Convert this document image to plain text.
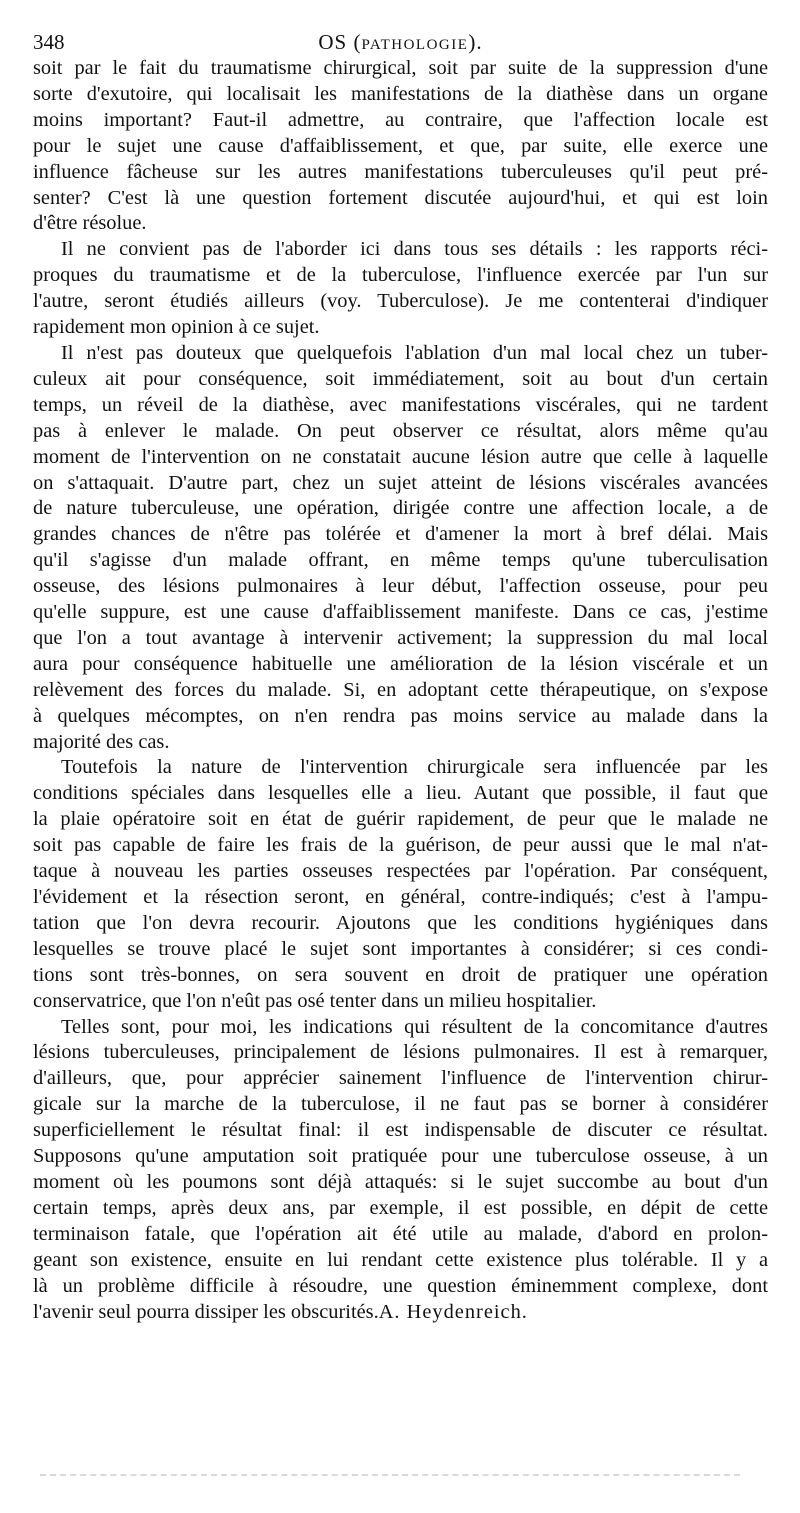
348	OS (PATHOLOGIE).
soit par le fait du traumatisme chirurgical, soit par suite de la suppression d'une
sorte d'exutoire, qui localisait les manifestations de la diathèse dans un organe
moins important? Faut-il admettre, au contraire, que l'affection locale est
pour le sujet une cause d'affaiblissement, et que, par suite, elle exerce une
influence fâcheuse sur les autres manifestations tuberculeuses qu'il peut pré-
senter? C'est là une question fortement discutée aujourd'hui, et qui est loin
d'être résolue.
Il ne convient pas de l'aborder ici dans tous ses détails : les rapports réci-
proques du traumatisme et de la tuberculose, l'influence exercée par l'un sur
l'autre, seront étudiés ailleurs (voy. Tuberculose). Je me contenterai d'indiquer
rapidement mon opinion à ce sujet.
Il n'est pas douteux que quelquefois l'ablation d'un mal local chez un tuber-
culeux ait pour conséquence, soit immédiatement, soit au bout d'un certain
temps, un réveil de la diathèse, avec manifestations viscérales, qui ne tardent
pas à enlever le malade. On peut observer ce résultat, alors même qu'au
moment de l'intervention on ne constatait aucune lésion autre que celle à laquelle
on s'attaquait. D'autre part, chez un sujet atteint de lésions viscérales avancées
de nature tuberculeuse, une opération, dirigée contre une affection locale, a de
grandes chances de n'être pas tolérée et d'amener la mort à bref délai. Mais
qu'il s'agisse d'un malade offrant, en même temps qu'une tuberculisation
osseuse, des lésions pulmonaires à leur début, l'affection osseuse, pour peu
qu'elle suppure, est une cause d'affaiblissement manifeste. Dans ce cas, j'estime
que l'on a tout avantage à intervenir activement; la suppression du mal local
aura pour conséquence habituelle une amélioration de la lésion viscérale et un
relèvement des forces du malade. Si, en adoptant cette thérapeutique, on s'expose
à quelques mécomptes, on n'en rendra pas moins service au malade dans la
majorité des cas.
Toutefois la nature de l'intervention chirurgicale sera influencée par les
conditions spéciales dans lesquelles elle a lieu. Autant que possible, il faut que
la plaie opératoire soit en état de guérir rapidement, de peur que le malade ne
soit pas capable de faire les frais de la guérison, de peur aussi que le mal n'at-
taque à nouveau les parties osseuses respectées par l'opération. Par conséquent,
l'évidement et la résection seront, en général, contre-indiqués; c'est à l'ampu-
tation que l'on devra recourir. Ajoutons que les conditions hygiéniques dans
lesquelles se trouve placé le sujet sont importantes à considérer; si ces condi-
tions sont très-bonnes, on sera souvent en droit de pratiquer une opération
conservatrice, que l'on n'eût pas osé tenter dans un milieu hospitalier.
Telles sont, pour moi, les indications qui résultent de la concomitance d'autres
lésions tuberculeuses, principalement de lésions pulmonaires. Il est à remarquer,
d'ailleurs, que, pour apprécier sainement l'influence de l'intervention chirur-
gicale sur la marche de la tuberculose, il ne faut pas se borner à considérer
superficiellement le résultat final: il est indispensable de discuter ce résultat.
Supposons qu'une amputation soit pratiquée pour une tuberculose osseuse, à un
moment où les poumons sont déjà attaqués: si le sujet succombe au bout d'un
certain temps, après deux ans, par exemple, il est possible, en dépit de cette
terminaison fatale, que l'opération ait été utile au malade, d'abord en prolon-
geant son existence, ensuite en lui rendant cette existence plus tolérable. Il y a
là un problème difficile à résoudre, une question éminemment complexe, dont
l'avenir seul pourra dissiper les obscurités.A. Heydenreich.
